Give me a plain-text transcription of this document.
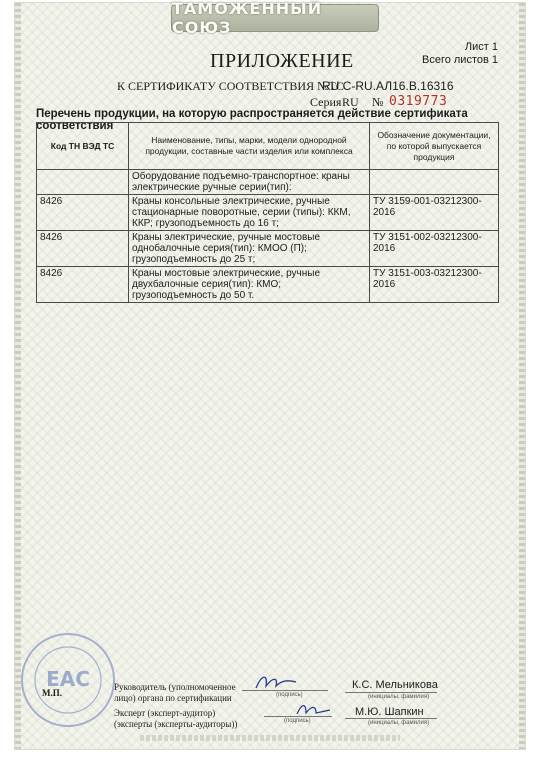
ТАМОЖЕННЫЙ СОЮЗ
Лист 1
Всего листов 1
ПРИЛОЖЕНИЕ
К СЕРТИФИКАТУ СООТВЕТСТВИЯ №ТС
RU C-RU.АЛ16.В.16316
Серия RU № 0319773
Перечень продукции, на которую распространяется действие сертификата соответствия
Код ТН ВЭД ТС	Наименование, типы, марки, модели однородной продукции, составные части изделия или комплекса	Обозначение документации, по которой выпускается продукция
	Оборудование подъемно-транспортное: краны электрические ручные серии(тип):	
8426	Краны консольные электрические, ручные стационарные поворотные, серии (типы): ККМ, ККР; грузоподъемность до 16 т;	ТУ 3159-001-03212300-2016
8426	Краны электрические, ручные мостовые однобалочные серия(тип): КМОО (П); грузоподъемность до 25 т;	ТУ 3151-002-03212300-2016
8426	Краны мостовые электрические, ручные двухбалочные серия(тип): КМО; грузоподъемность до 50 т.	ТУ 3151-003-03212300-2016
ЕАС
М.П.
Руководитель (уполномоченное лицо) органа по сертификации	(подпись)
К.С. Мельникова
(инициалы, фамилия)
Эксперт (эксперт-аудитор) (эксперты (эксперты-аудиторы))	(подпись)
М.Ю. Шапкин
(инициалы, фамилия)
